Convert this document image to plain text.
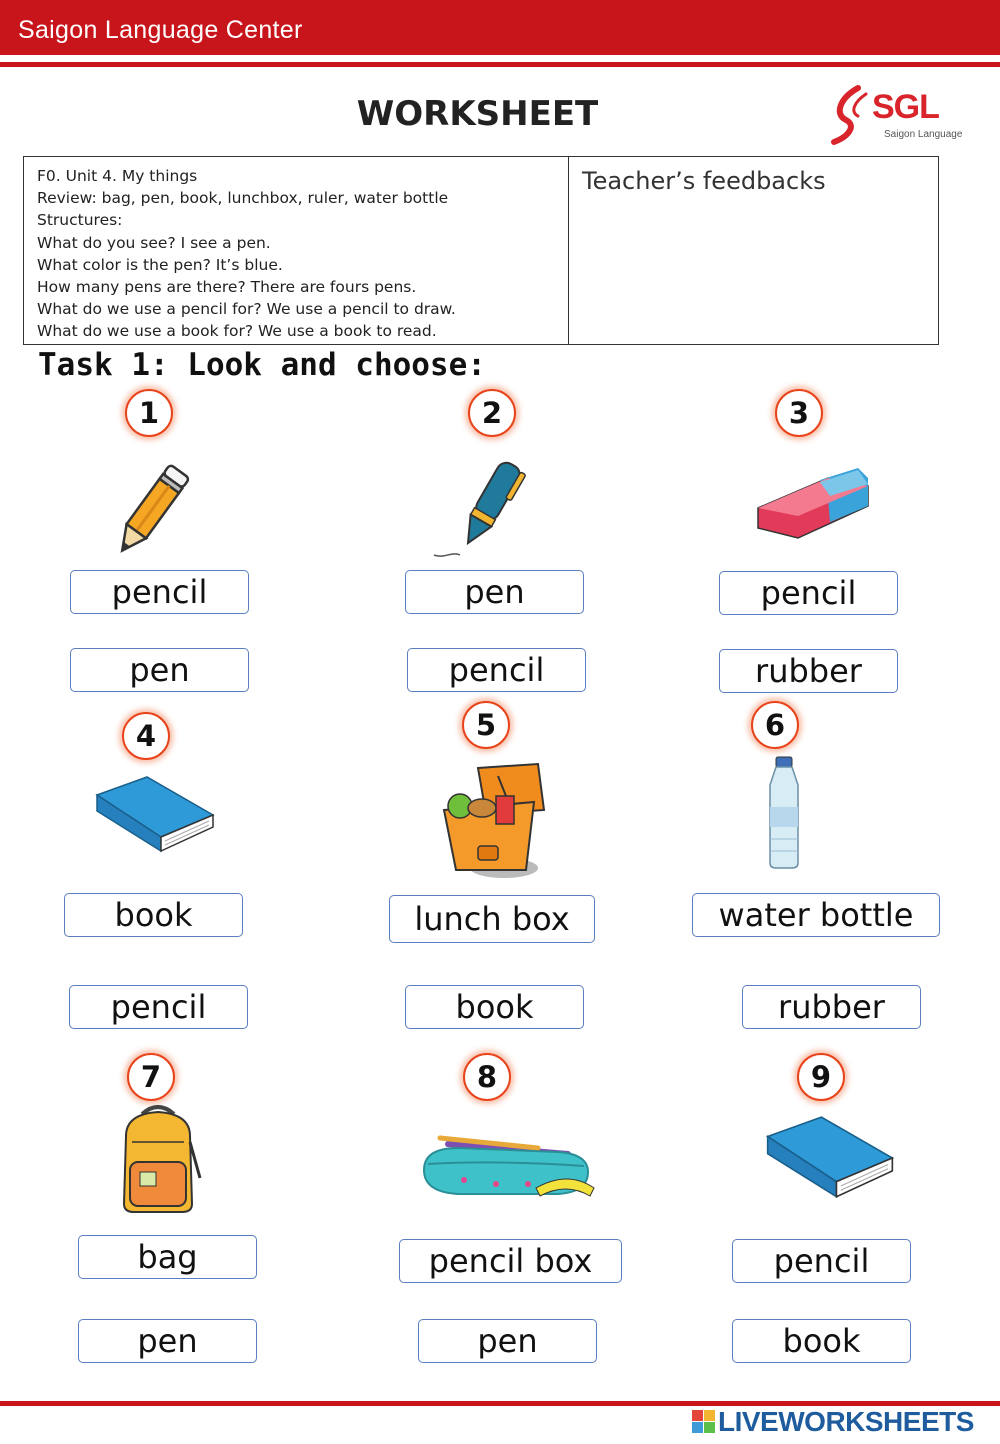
Saigon Language Center
WORKSHEET	SGL
Saigon Language
F0. Unit 4. My things
Review: bag, pen, book, lunchbox, ruler, water bottle
Structures:
What do you see? I see a pen.
What color is the pen? It’s blue.
How many pens are there? There are fours pens.
What do we use a pencil for? We use a pencil to draw.
What do we use a book for? We use a book to read.
Teacher’s feedbacks
Task 1: Look and choose:
1	2	3
4	5	6
7	8	9
pencil
pen
pen
pencil
pencil
rubber
book
pencil
lunch box
book
water bottle
rubber
bag
pen
pencil box
pen
pencil
book
LIVEWORKSHEETS
